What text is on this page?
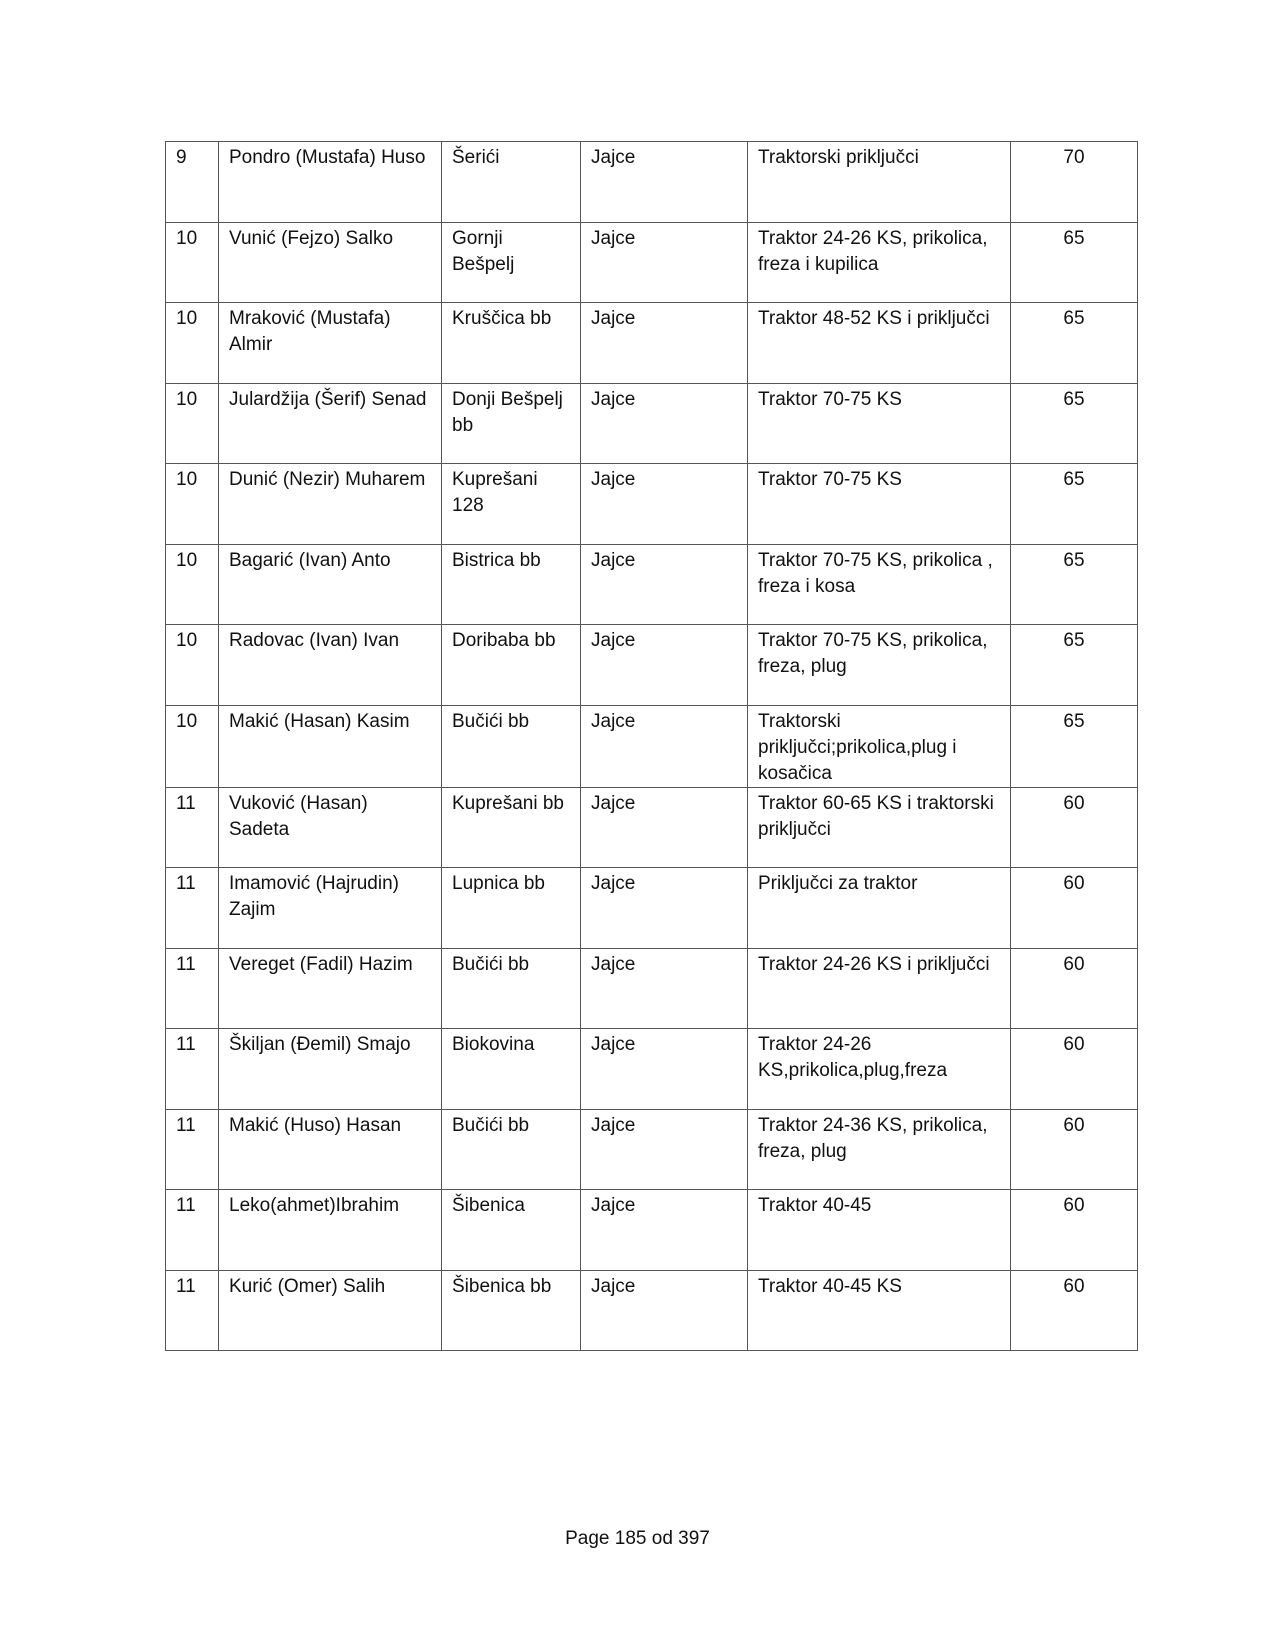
9	Pondro (Mustafa) Huso	Šerići	Jajce	Traktorski priključci	70
10	Vunić (Fejzo) Salko	Gornji Bešpelj	Jajce	Traktor 24-26 KS, prikolica, freza i kupilica	65
10	Mraković (Mustafa) Almir	Kruščica bb	Jajce	Traktor 48-52 KS i priključci	65
10	Julardžija (Šerif) Senad	Donji Bešpelj bb	Jajce	Traktor 70-75 KS	65
10	Dunić (Nezir) Muharem	Kuprešani 128	Jajce	Traktor 70-75 KS	65
10	Bagarić (Ivan) Anto	Bistrica bb	Jajce	Traktor 70-75 KS, prikolica , freza i kosa	65
10	Radovac (Ivan) Ivan	Doribaba bb	Jajce	Traktor 70-75 KS, prikolica, freza, plug	65
10	Makić (Hasan) Kasim	Bučići bb	Jajce	Traktorski priključci;prikolica,plug i kosačica	65
11	Vuković (Hasan) Sadeta	Kuprešani bb	Jajce	Traktor 60-65 KS i traktorski priključci	60
11	Imamović (Hajrudin) Zajim	Lupnica bb	Jajce	Priključci za traktor	60
11	Vereget (Fadil) Hazim	Bučići bb	Jajce	Traktor 24-26 KS i priključci	60
11	Škiljan (Đemil) Smajo	Biokovina	Jajce	Traktor 24-26 KS,prikolica,plug,freza	60
11	Makić (Huso) Hasan	Bučići bb	Jajce	Traktor 24-36 KS, prikolica, freza, plug	60
11	Leko(ahmet)Ibrahim	Šibenica	Jajce	Traktor 40-45	60
11	Kurić (Omer) Salih	Šibenica bb	Jajce	Traktor 40-45 KS	60
Page 185 od 397
